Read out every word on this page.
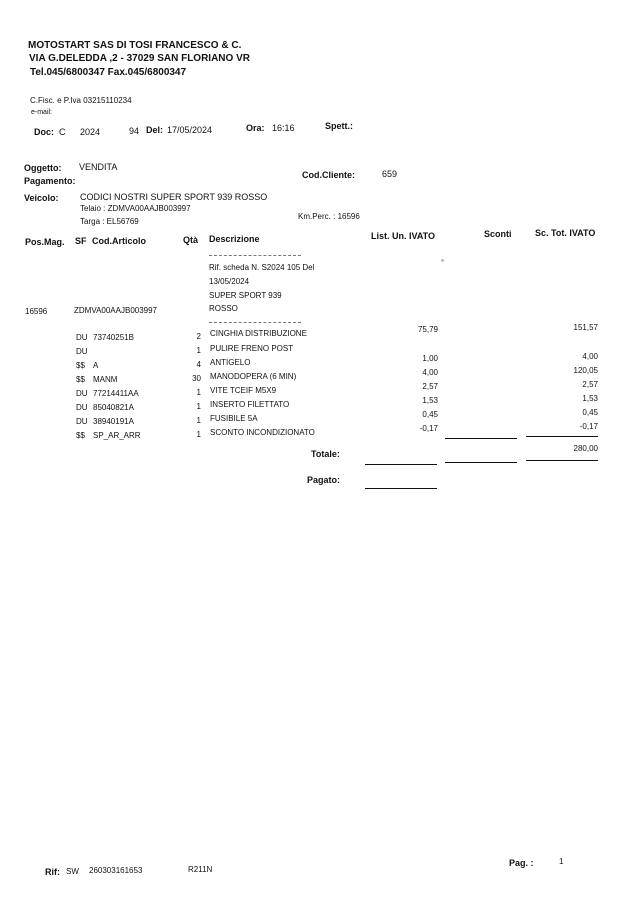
MOTOSTART SAS DI TOSI FRANCESCO & C.
VIA G.DELEDDA ,2 - 37029 SAN FLORIANO VR
Tel.045/6800347 Fax.045/6800347
C.Fisc. e P.Iva 03215110234
e-mail:
Doc: C 2024	94 Del: 17/05/2024	Ora: 16:16	Spett.:
Oggetto: VENDITA
Pagamento:
Cod.Cliente:	659
Veicolo: CODICI NOSTRI SUPER SPORT 939 ROSSO
Telaio : ZDMVA00AAJB003997
Targa : EL56769
Km.Perc. : 16596
Pos.Mag. SF Cod.Articolo	Qtà Descrizione	List. Un. IVATO	Sconti	Sc. Tot. IVATO
Rif. scheda N. S2024 105 Del
13/05/2024
SUPER SPORT 939
ROSSO
16596	ZDMVA00AAJB003997
DU 73740251B	2 CINGHIA DISTRIBUZIONE	75,79	151,57
DU	1 PULIRE FRENO POST
$$ A	4 ANTIGELO	1,00	4,00
$$ MANM	30 MANODOPERA (6 MIN)	4,00	120,05
DU 77214411AA	1 VITE TCEIF M5X9	2,57	2,57
DU 85040821A	1 INSERTO FILETTATO	1,53	1,53
DU 38940191A	1 FUSIBILE 5A	0,45	0,45
$$ SP_AR_ARR	1 SCONTO INCONDIZIONATO	-0,17	-0,17
Totale:
280,00
Pagato:
Rif: SW 260303161653	R211N
Pag. :	1
